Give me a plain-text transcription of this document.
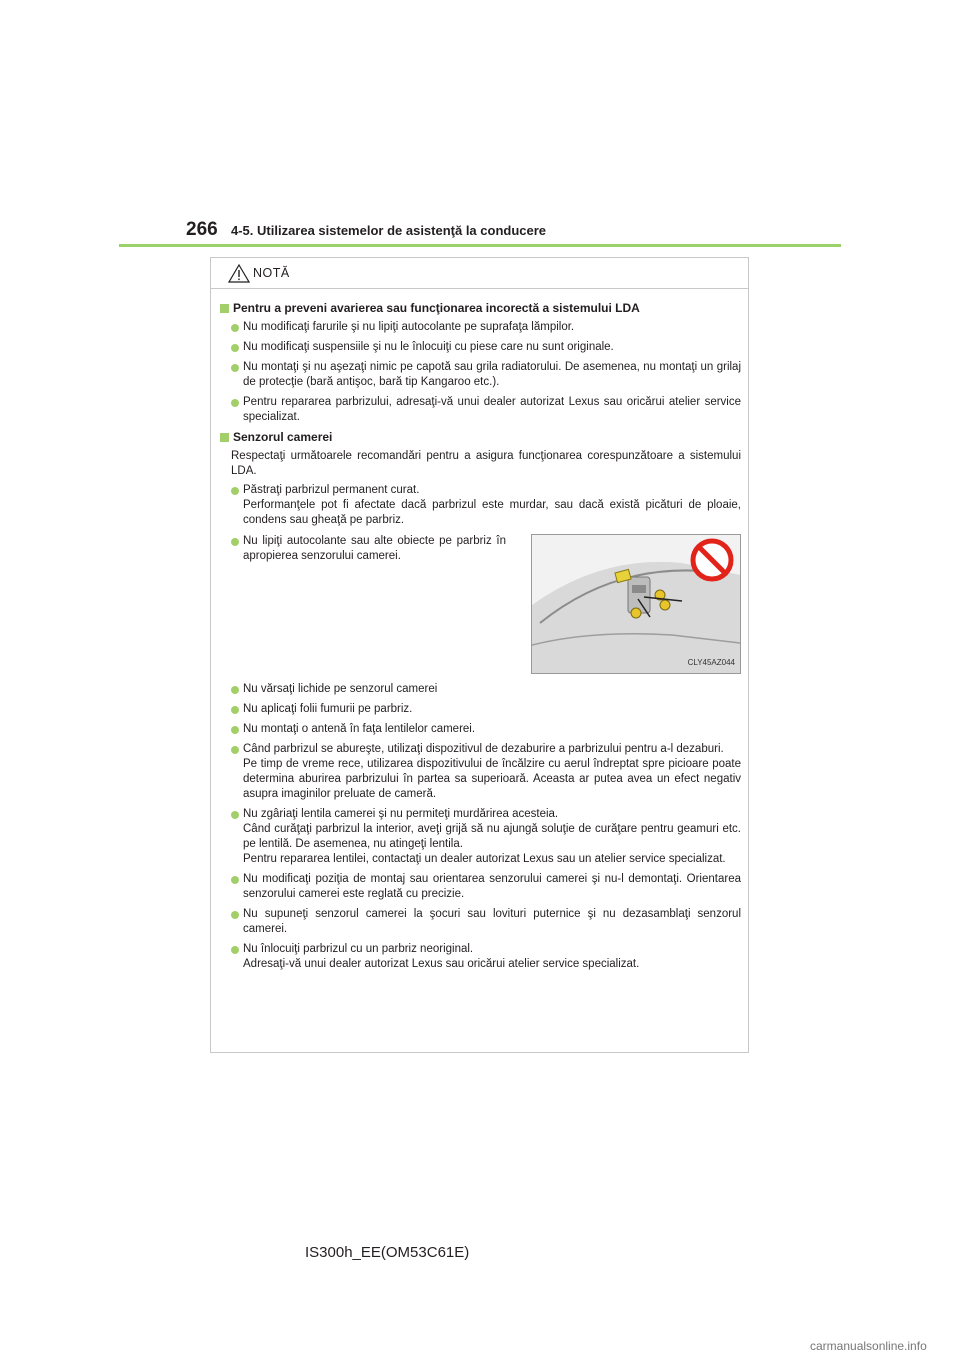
266 4-5. Utilizarea sistemelor de asistenţă la conducere
NOTĂ
Pentru a preveni avarierea sau funcţionarea incorectă a sistemului LDA
Nu modificaţi farurile şi nu lipiţi autocolante pe suprafaţa lămpilor.
Nu modificaţi suspensiile şi nu le înlocuiţi cu piese care nu sunt originale.
Nu montaţi şi nu aşezaţi nimic pe capotă sau grila radiatorului. De asemenea, nu montaţi un grilaj de protecţie (bară antişoc, bară tip Kangaroo etc.).
Pentru repararea parbrizului, adresaţi-vă unui dealer autorizat Lexus sau oricărui atelier service specializat.
Senzorul camerei

Respectaţi următoarele recomandări pentru a asigura funcţionarea corespunzătoare a sistemului LDA.

Păstraţi parbrizul permanent curat.

Performanţele pot fi afectate dacă parbrizul este murdar, sau dacă există picături de ploaie, condens sau gheaţă pe parbriz.

Nu lipiţi autocolante sau alte obiecte pe parbriz în apropierea senzorului camerei.
CLY45AZ044

Nu vărsaţi lichide pe senzorul camerei

Nu aplicaţi folii fumurii pe parbriz.

Nu montaţi o antenă în faţa lentilelor camerei.

Când parbrizul se abureşte, utilizaţi dispozitivul de dezaburire a parbrizului pentru a-l dezaburi.

Pe timp de vreme rece, utilizarea dispozitivului de încălzire cu aerul îndreptat spre picioare poate determina aburirea parbrizului în partea sa superioară. Aceasta ar putea avea un efect negativ asupra imaginilor preluate de cameră.

Nu zgâriaţi lentila camerei şi nu permiteţi murdărirea acesteia.

Când curăţaţi parbrizul la interior, aveţi grijă să nu ajungă soluţie de curăţare pentru geamuri etc. pe lentilă. De asemenea, nu atingeţi lentila.

Pentru repararea lentilei, contactaţi un dealer autorizat Lexus sau un atelier service specializat.

Nu modificaţi poziţia de montaj sau orientarea senzorului camerei şi nu-l demontaţi. Orientarea senzorului camerei este reglată cu precizie.

Nu supuneţi senzorul camerei la şocuri sau lovituri puternice şi nu dezasamblaţi senzorul camerei.

Nu înlocuiţi parbrizul cu un parbriz neoriginal.

Adresaţi-vă unui dealer autorizat Lexus sau oricărui atelier service specializat.

IS300h_EE(OM53C61E)
carmanualsonline.info
